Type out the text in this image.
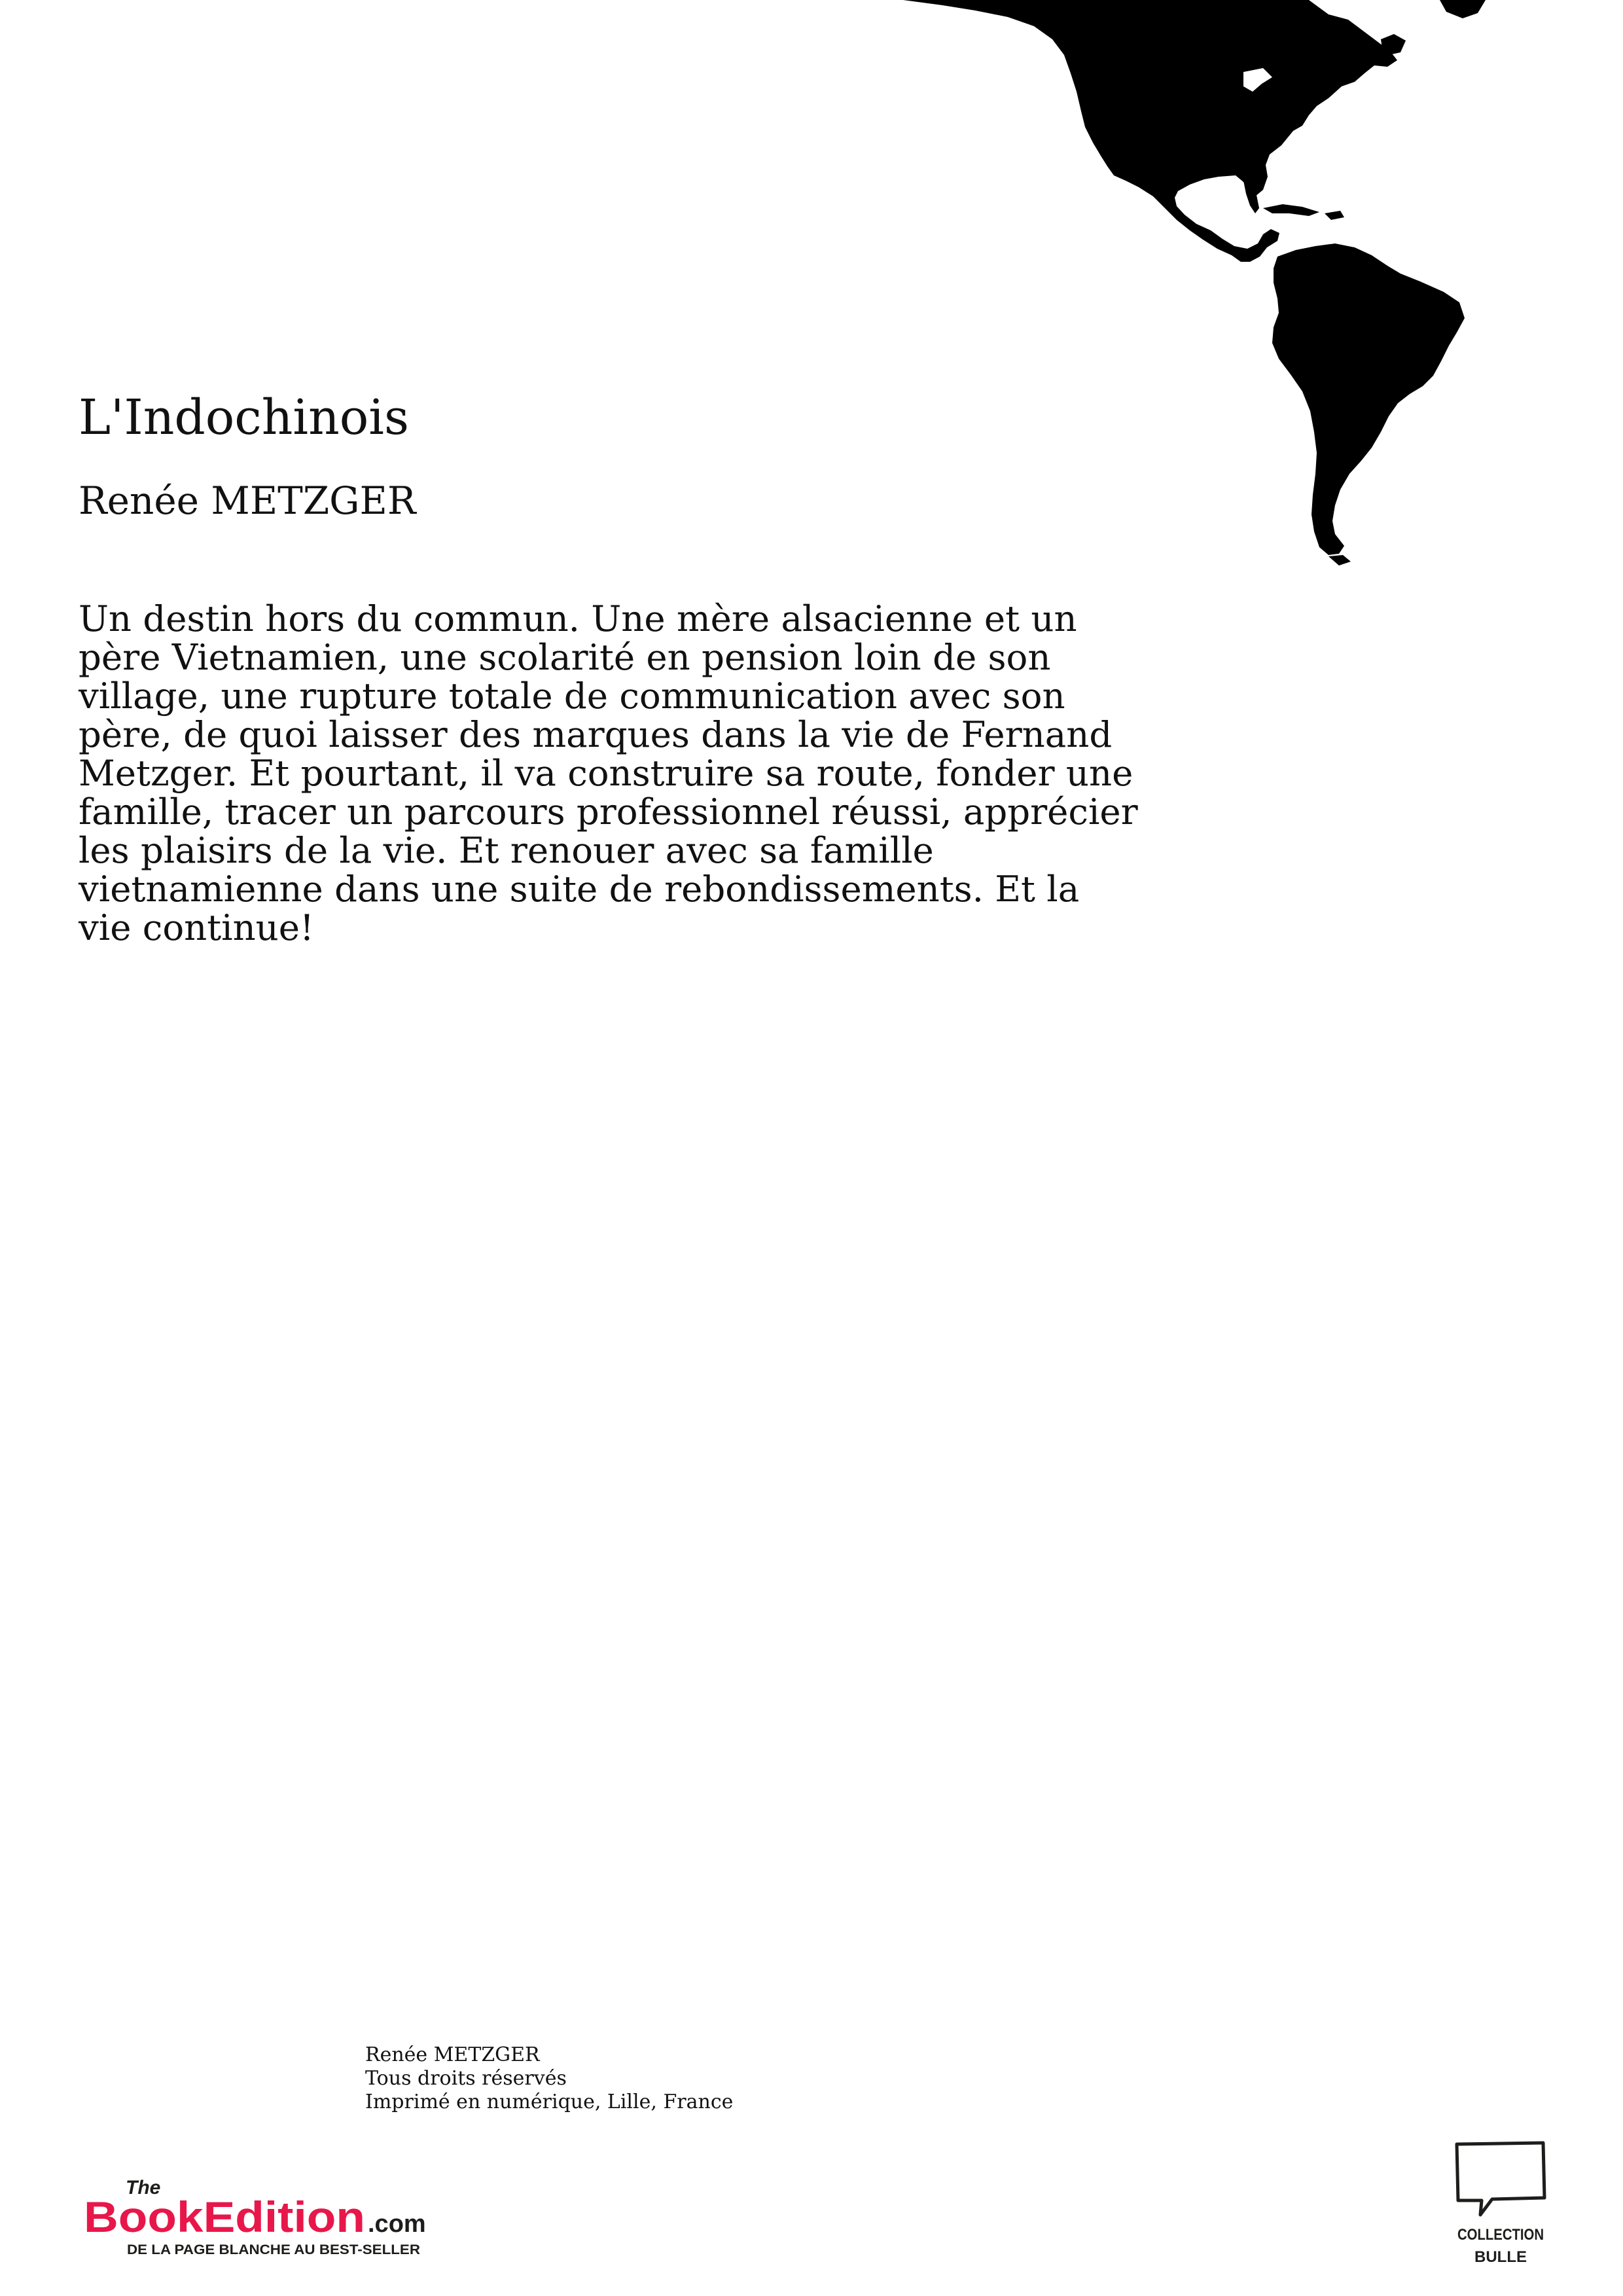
L'Indochinois
Renée METZGER

Un destin hors du commun. Une mère alsacienne et un
père Vietnamien, une scolarité en pension loin de son
village, une rupture totale de communication avec son
père, de quoi laisser des marques dans la vie de Fernand
Metzger. Et pourtant, il va construire sa route, fonder une
famille, tracer un parcours professionnel réussi, apprécier
les plaisirs de la vie. Et renouer avec sa famille
vietnamienne dans une suite de rebondissements. Et la
vie continue!

Renée METZGER
Tous droits réservés
Imprimé en numérique, Lille, France
The
BookEdition .com
DE LA PAGE BLANCHE AU BEST-SELLER
COLLECTION
BULLE
